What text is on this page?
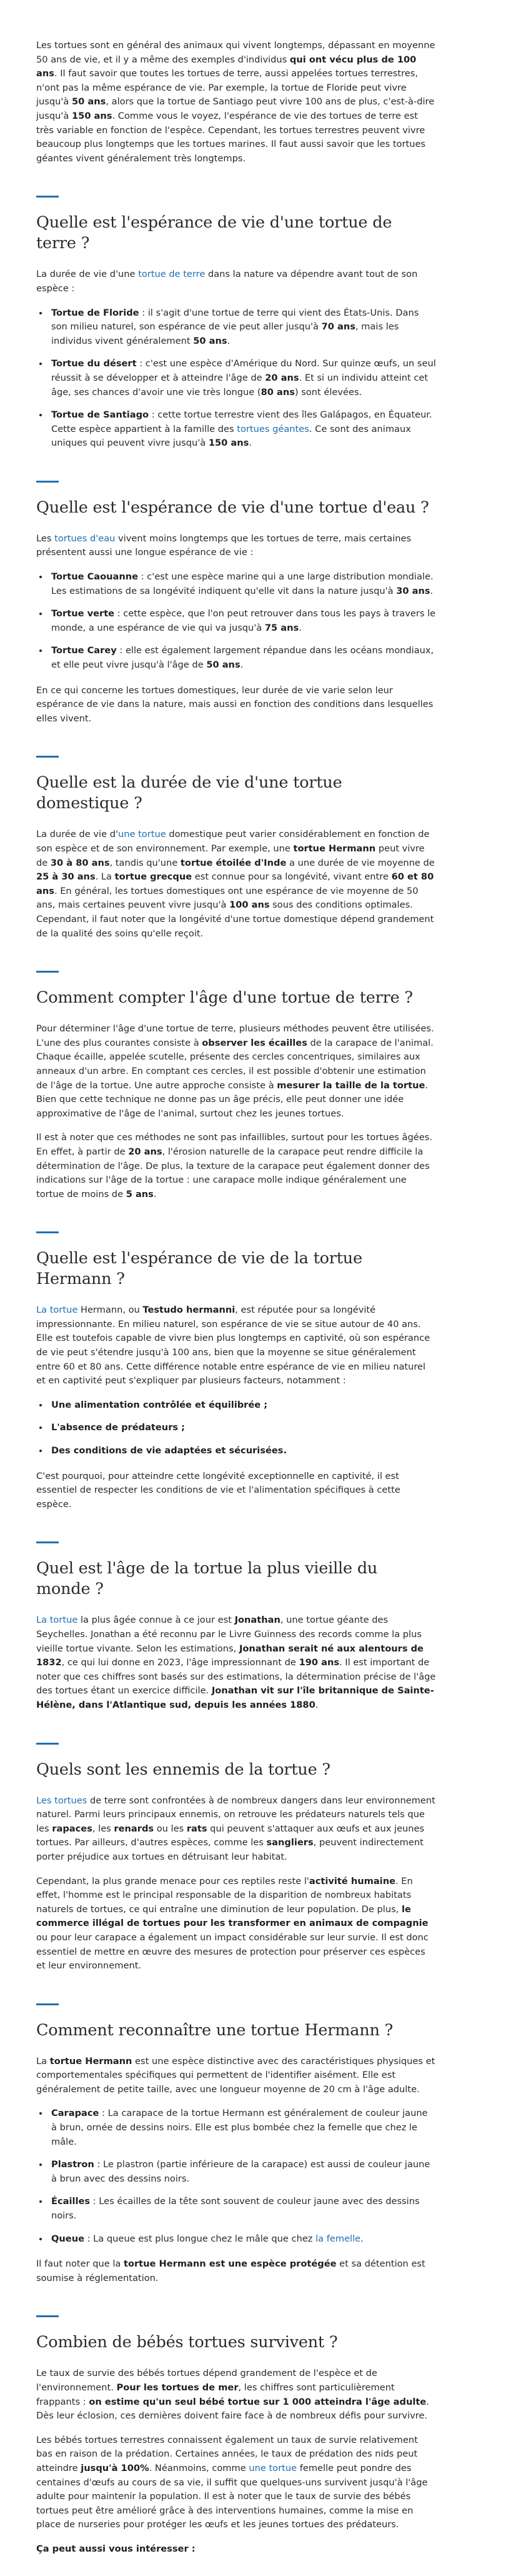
Les tortues sont en général des animaux qui vivent longtemps, dépassant en moyenne 50 ans de vie, et il y a même des exemples d'individus qui ont vécu plus de 100 ans. Il faut savoir que toutes les tortues de terre, aussi appelées tortues terrestres, n'ont pas la même espérance de vie. Par exemple, la tortue de Floride peut vivre jusqu'à 50 ans, alors que la tortue de Santiago peut vivre 100 ans de plus, c'est-à-dire jusqu'à 150 ans. Comme vous le voyez, l'espérance de vie des tortues de terre est très variable en fonction de l'espèce. Cependant, les tortues terrestres peuvent vivre beaucoup plus longtemps que les tortues marines. Il faut aussi savoir que les tortues géantes vivent généralement très longtemps.

Quelle est l'espérance de vie d'une tortue de terre ?

La durée de vie d'une tortue de terre dans la nature va dépendre avant tout de son espèce :

• Tortue de Floride : il s'agit d'une tortue de terre qui vient des États-Unis. Dans son milieu naturel, son espérance de vie peut aller jusqu'à 70 ans, mais les individus vivent généralement 50 ans.
• Tortue du désert : c'est une espèce d'Amérique du Nord. Sur quinze œufs, un seul réussit à se développer et à atteindre l'âge de 20 ans. Et si un individu atteint cet âge, ses chances d'avoir une vie très longue (80 ans) sont élevées.
• Tortue de Santiago : cette tortue terrestre vient des îles Galápagos, en Équateur. Cette espèce appartient à la famille des tortues géantes. Ce sont des animaux uniques qui peuvent vivre jusqu'à 150 ans.
Quelle est l'espérance de vie d'une tortue d'eau ?

Les tortues d'eau vivent moins longtemps que les tortues de terre, mais certaines présentent aussi une longue espérance de vie :

• Tortue Caouanne : c'est une espèce marine qui a une large distribution mondiale. Les estimations de sa longévité indiquent qu'elle vit dans la nature jusqu'à 30 ans.
• Tortue verte : cette espèce, que l'on peut retrouver dans tous les pays à travers le monde, a une espérance de vie qui va jusqu'à 75 ans.
• Tortue Carey : elle est également largement répandue dans les océans mondiaux, et elle peut vivre jusqu'à l'âge de 50 ans.

En ce qui concerne les tortues domestiques, leur durée de vie varie selon leur espérance de vie dans la nature, mais aussi en fonction des conditions dans lesquelles elles vivent.

Quelle est la durée de vie d'une tortue domestique ?

La durée de vie d'une tortue domestique peut varier considérablement en fonction de son espèce et de son environnement. Par exemple, une tortue Hermann peut vivre de 30 à 80 ans, tandis qu'une tortue étoilée d'Inde a une durée de vie moyenne de 25 à 30 ans. La tortue grecque est connue pour sa longévité, vivant entre 60 et 80 ans. En général, les tortues domestiques ont une espérance de vie moyenne de 50 ans, mais certaines peuvent vivre jusqu'à 100 ans sous des conditions optimales. Cependant, il faut noter que la longévité d'une tortue domestique dépend grandement de la qualité des soins qu'elle reçoit.

Comment compter l'âge d'une tortue de terre ?

Pour déterminer l'âge d'une tortue de terre, plusieurs méthodes peuvent être utilisées. L'une des plus courantes consiste à observer les écailles de la carapace de l'animal. Chaque écaille, appelée scutelle, présente des cercles concentriques, similaires aux anneaux d'un arbre. En comptant ces cercles, il est possible d'obtenir une estimation de l'âge de la tortue. Une autre approche consiste à mesurer la taille de la tortue. Bien que cette technique ne donne pas un âge précis, elle peut donner une idée approximative de l'âge de l'animal, surtout chez les jeunes tortues.

Il est à noter que ces méthodes ne sont pas infaillibles, surtout pour les tortues âgées. En effet, à partir de 20 ans, l'érosion naturelle de la carapace peut rendre difficile la détermination de l'âge. De plus, la texture de la carapace peut également donner des indications sur l'âge de la tortue : une carapace molle indique généralement une tortue de moins de 5 ans.

Quelle est l'espérance de vie de la tortue Hermann ?

La tortue Hermann, ou Testudo hermanni, est réputée pour sa longévité impressionnante. En milieu naturel, son espérance de vie se situe autour de 40 ans. Elle est toutefois capable de vivre bien plus longtemps en captivité, où son espérance de vie peut s'étendre jusqu'à 100 ans, bien que la moyenne se situe généralement entre 60 et 80 ans. Cette différence notable entre espérance de vie en milieu naturel et en captivité peut s'expliquer par plusieurs facteurs, notamment :

• Une alimentation contrôlée et équilibrée ;
• L'absence de prédateurs ;
• Des conditions de vie adaptées et sécurisées.

C'est pourquoi, pour atteindre cette longévité exceptionnelle en captivité, il est essentiel de respecter les conditions de vie et l'alimentation spécifiques à cette espèce.

Quel est l'âge de la tortue la plus vieille du monde ?

La tortue la plus âgée connue à ce jour est Jonathan, une tortue géante des Seychelles. Jonathan a été reconnu par le Livre Guinness des records comme la plus vieille tortue vivante. Selon les estimations, Jonathan serait né aux alentours de 1832, ce qui lui donne en 2023, l'âge impressionnant de 190 ans. Il est important de noter que ces chiffres sont basés sur des estimations, la détermination précise de l'âge des tortues étant un exercice difficile. Jonathan vit sur l'île britannique de Sainte-Hélène, dans l'Atlantique sud, depuis les années 1880.

Quels sont les ennemis de la tortue ?

Les tortues de terre sont confrontées à de nombreux dangers dans leur environnement naturel. Parmi leurs principaux ennemis, on retrouve les prédateurs naturels tels que les rapaces, les renards ou les rats qui peuvent s'attaquer aux œufs et aux jeunes tortues. Par ailleurs, d'autres espèces, comme les sangliers, peuvent indirectement porter préjudice aux tortues en détruisant leur habitat.

Cependant, la plus grande menace pour ces reptiles reste l'activité humaine. En effet, l'homme est le principal responsable de la disparition de nombreux habitats naturels de tortues, ce qui entraîne une diminution de leur population. De plus, le commerce illégal de tortues pour les transformer en animaux de compagnie ou pour leur carapace a également un impact considérable sur leur survie. Il est donc essentiel de mettre en œuvre des mesures de protection pour préserver ces espèces et leur environnement.

Comment reconnaître une tortue Hermann ?

La tortue Hermann est une espèce distinctive avec des caractéristiques physiques et comportementales spécifiques qui permettent de l'identifier aisément. Elle est généralement de petite taille, avec une longueur moyenne de 20 cm à l'âge adulte.

• Carapace : La carapace de la tortue Hermann est généralement de couleur jaune à brun, ornée de dessins noirs. Elle est plus bombée chez la femelle que chez le mâle.
• Plastron : Le plastron (partie inférieure de la carapace) est aussi de couleur jaune à brun avec des dessins noirs.
• Écailles : Les écailles de la tête sont souvent de couleur jaune avec des dessins noirs.
• Queue : La queue est plus longue chez le mâle que chez la femelle.

Il faut noter que la tortue Hermann est une espèce protégée et sa détention est soumise à réglementation.

Combien de bébés tortues survivent ?

Le taux de survie des bébés tortues dépend grandement de l'espèce et de l'environnement. Pour les tortues de mer, les chiffres sont particulièrement frappants : on estime qu'un seul bébé tortue sur 1 000 atteindra l'âge adulte. Dès leur éclosion, ces dernières doivent faire face à de nombreux défis pour survivre.

Les bébés tortues terrestres connaissent également un taux de survie relativement bas en raison de la prédation. Certaines années, le taux de prédation des nids peut atteindre jusqu'à 100%. Néanmoins, comme une tortue femelle peut pondre des centaines d'œufs au cours de sa vie, il suffit que quelques-uns survivent jusqu'à l'âge adulte pour maintenir la population. Il est à noter que le taux de survie des bébés tortues peut être amélioré grâce à des interventions humaines, comme la mise en place de nurseries pour protéger les œufs et les jeunes tortues des prédateurs.

Ça peut aussi vous intéresser :
